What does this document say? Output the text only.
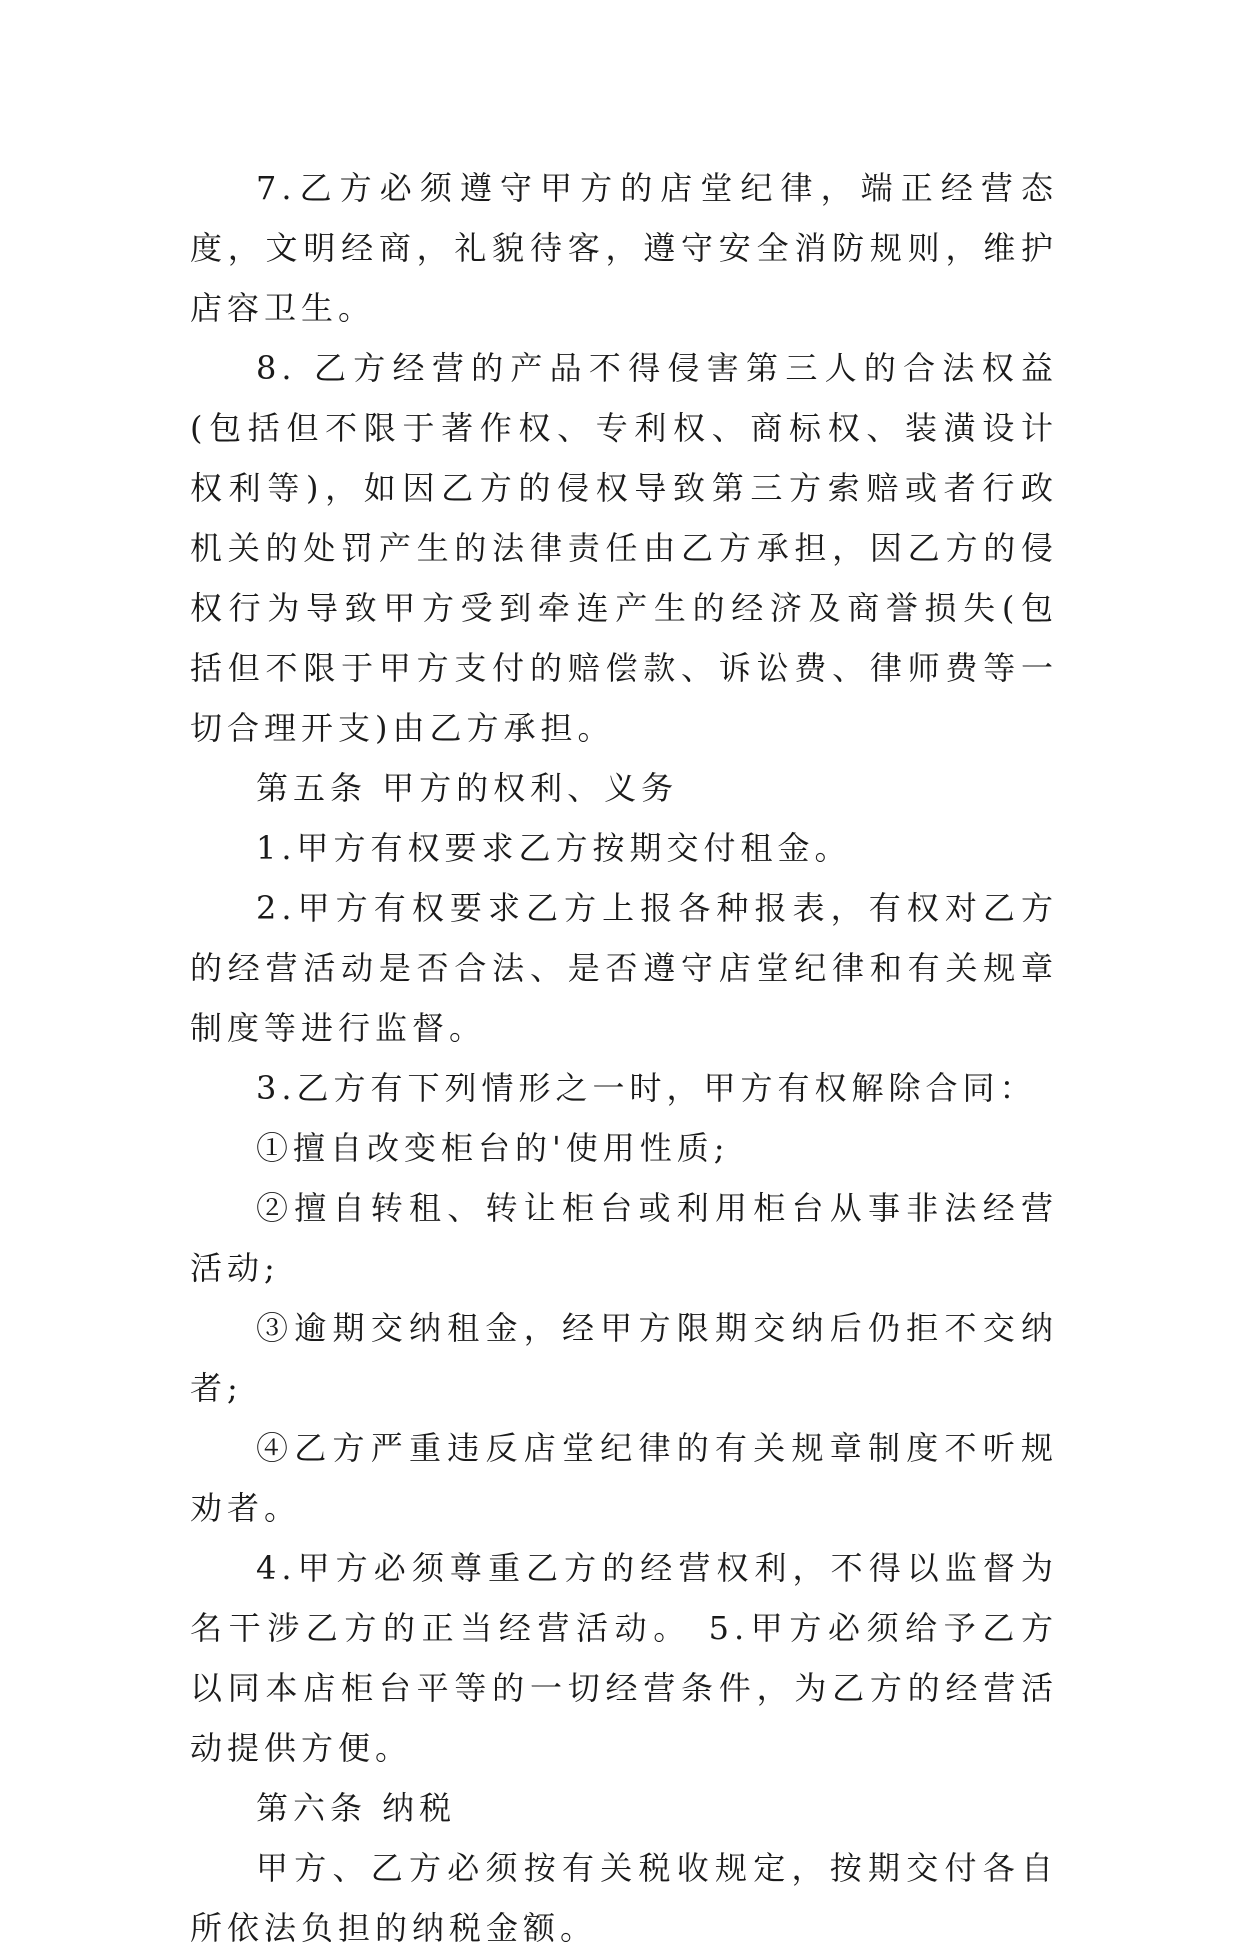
7.乙方必须遵守甲方的店堂纪律，端正经营态度，文明经商，礼貌待客，遵守安全消防规则，维护店容卫生。

8. 乙方经营的产品不得侵害第三人的合法权益(包括但不限于著作权、专利权、商标权、装潢设计权利等)，如因乙方的侵权导致第三方索赔或者行政机关的处罚产生的法律责任由乙方承担，因乙方的侵权行为导致甲方受到牵连产生的经济及商誉损失(包括但不限于甲方支付的赔偿款、诉讼费、律师费等一切合理开支)由乙方承担。

第五条 甲方的权利、义务

1.甲方有权要求乙方按期交付租金。

2.甲方有权要求乙方上报各种报表，有权对乙方的经营活动是否合法、是否遵守店堂纪律和有关规章制度等进行监督。

3.乙方有下列情形之一时，甲方有权解除合同：

①擅自改变柜台的'使用性质;

②擅自转租、转让柜台或利用柜台从事非法经营活动;

③逾期交纳租金，经甲方限期交纳后仍拒不交纳者;

④乙方严重违反店堂纪律的有关规章制度不听规劝者。

4.甲方必须尊重乙方的经营权利，不得以监督为名干涉乙方的正当经营活动。 5.甲方必须给予乙方以同本店柜台平等的一切经营条件，为乙方的经营活动提供方便。

第六条 纳税

甲方、乙方必须按有关税收规定，按期交付各自所依法负担的纳税金额。
